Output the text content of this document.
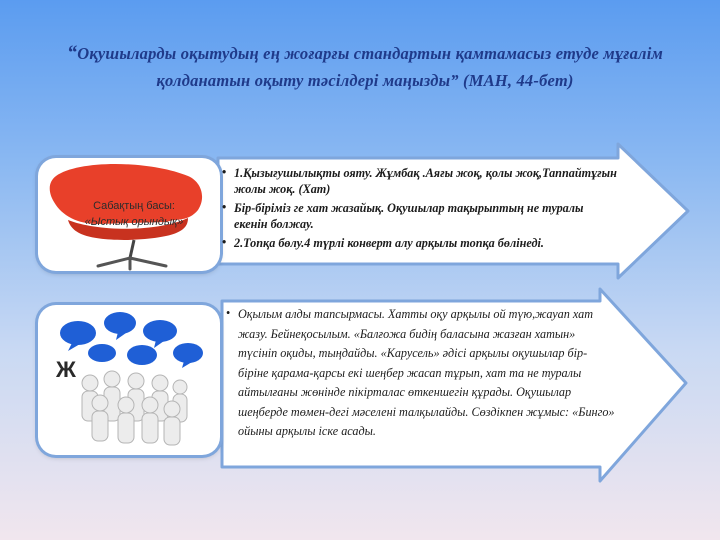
“Оқушыларды оқытудың ең жоғарғы стандартын қамтамасыз етуде мұғалім қолданатын оқыту тәсілдері маңызды” (МАН, 44-бет)
Сабақтың басы:
«Ыстық орындық»
Ж
• 1.Қызығушылықты ояту. Жұмбақ .Аяғы жоқ, қолы жоқ,Таппайтұғын жолы жоқ. (Хат)
• Бір-біріміз ге хат жазайық. Оқушылар тақырыптың не туралы екенін болжау.
• 2.Топқа бөлу.4 түрлі конверт алу арқылы топқа бөлінеді.
• Оқылым алды тапсырмасы. Хатты оқу арқылы ой түю,жауап хат жазу. Бейнеқосылым. «Балғожа бидің баласына жазған хатын» түсініп оқиды, тыңдайды. «Карусель» әдісі арқылы оқушылар бір-біріне қарама-қарсы екі шеңбер жасап тұрып, хат та не туралы айтылғаны жөнінде пікірталас өткеншегін құрады. Оқушылар шеңберде төмен-дегі мәселені талқылайды. Сөздікпен жұмыс: «Бинго» ойыны арқылы іске асады.
